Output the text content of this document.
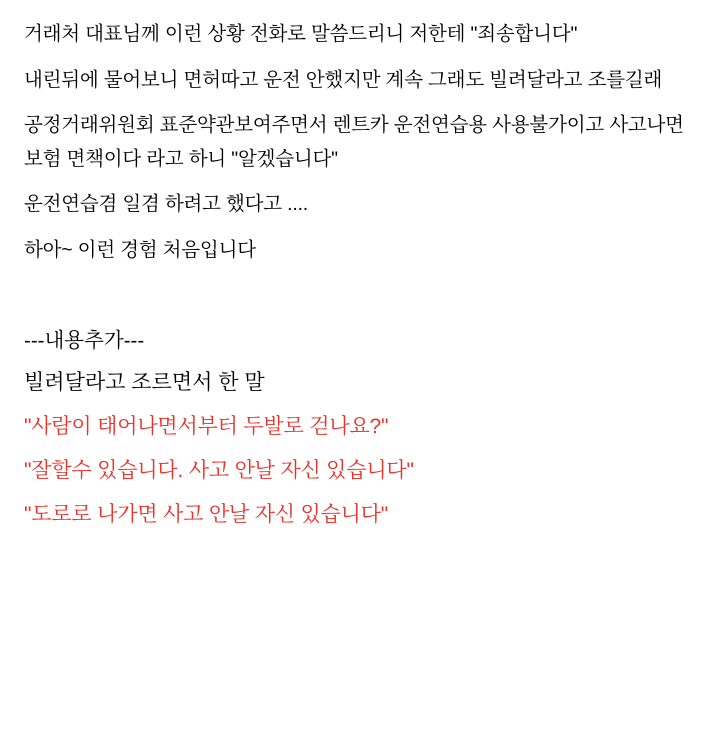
거래처 대표님께 이런 상황 전화로 말씀드리니 저한테 "죄송합니다"

내린뒤에 물어보니 면허따고 운전 안했지만 계속 그래도 빌려달라고 조를길래

공정거래위원회 표준약관보여주면서 렌트카 운전연습용 사용불가이고 사고나면 보험 면책이다 라고 하니 "알겠습니다"

운전연습겸 일겸 하려고 했다고 ....

하아~ 이런 경험 처음입니다

---내용추가---

빌려달라고 조르면서 한 말

"사람이 태어나면서부터 두발로 걷나요?"

"잘할수 있습니다. 사고 안날 자신 있습니다"

"도로로 나가면 사고 안날 자신 있습니다"
